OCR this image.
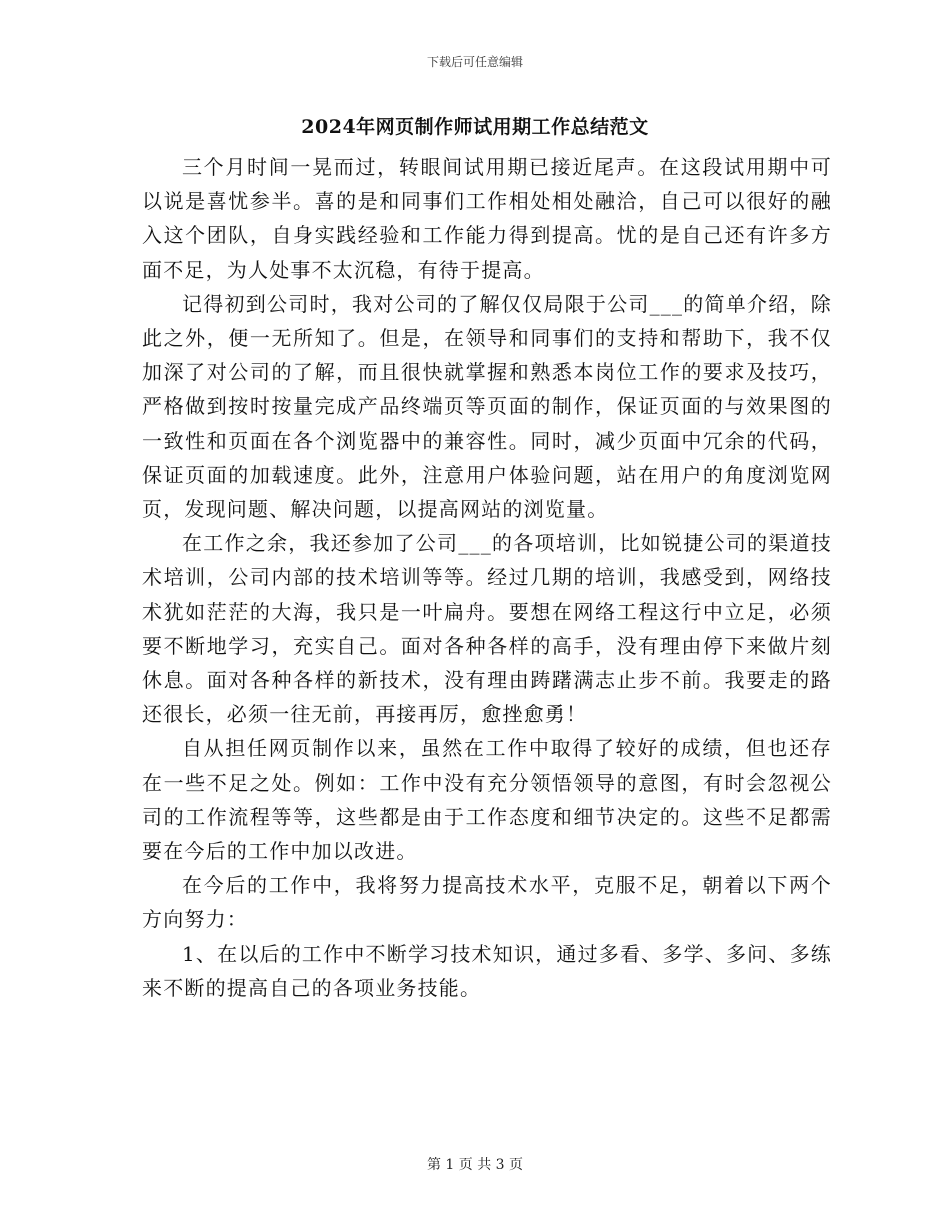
下载后可任意编辑
2024年网页制作师试用期工作总结范文

三个月时间一晃而过，转眼间试用期已接近尾声。在这段试用期中可以说是喜忧参半。喜的是和同事们工作相处相处融洽，自己可以很好的融入这个团队，自身实践经验和工作能力得到提高。忧的是自己还有许多方面不足，为人处事不太沉稳，有待于提高。

记得初到公司时，我对公司的了解仅仅局限于公司___的简单介绍，除此之外，便一无所知了。但是，在领导和同事们的支持和帮助下，我不仅加深了对公司的了解，而且很快就掌握和熟悉本岗位工作的要求及技巧，严格做到按时按量完成产品终端页等页面的制作，保证页面的与效果图的一致性和页面在各个浏览器中的兼容性。同时，减少页面中冗余的代码，保证页面的加载速度。此外，注意用户体验问题，站在用户的角度浏览网页，发现问题、解决问题，以提高网站的浏览量。

在工作之余，我还参加了公司___的各项培训，比如锐捷公司的渠道技术培训，公司内部的技术培训等等。经过几期的培训，我感受到，网络技术犹如茫茫的大海，我只是一叶扁舟。要想在网络工程这行中立足，必须要不断地学习，充实自己。面对各种各样的高手，没有理由停下来做片刻休息。面对各种各样的新技术，没有理由踌躇满志止步不前。我要走的路还很长，必须一往无前，再接再厉，愈挫愈勇！

自从担任网页制作以来，虽然在工作中取得了较好的成绩，但也还存在一些不足之处。例如：工作中没有充分领悟领导的意图，有时会忽视公司的工作流程等等，这些都是由于工作态度和细节决定的。这些不足都需要在今后的工作中加以改进。

在今后的工作中，我将努力提高技术水平，克服不足，朝着以下两个方向努力：

1、在以后的工作中不断学习技术知识，通过多看、多学、多问、多练来不断的提高自己的各项业务技能。

第 1 页 共 3 页
